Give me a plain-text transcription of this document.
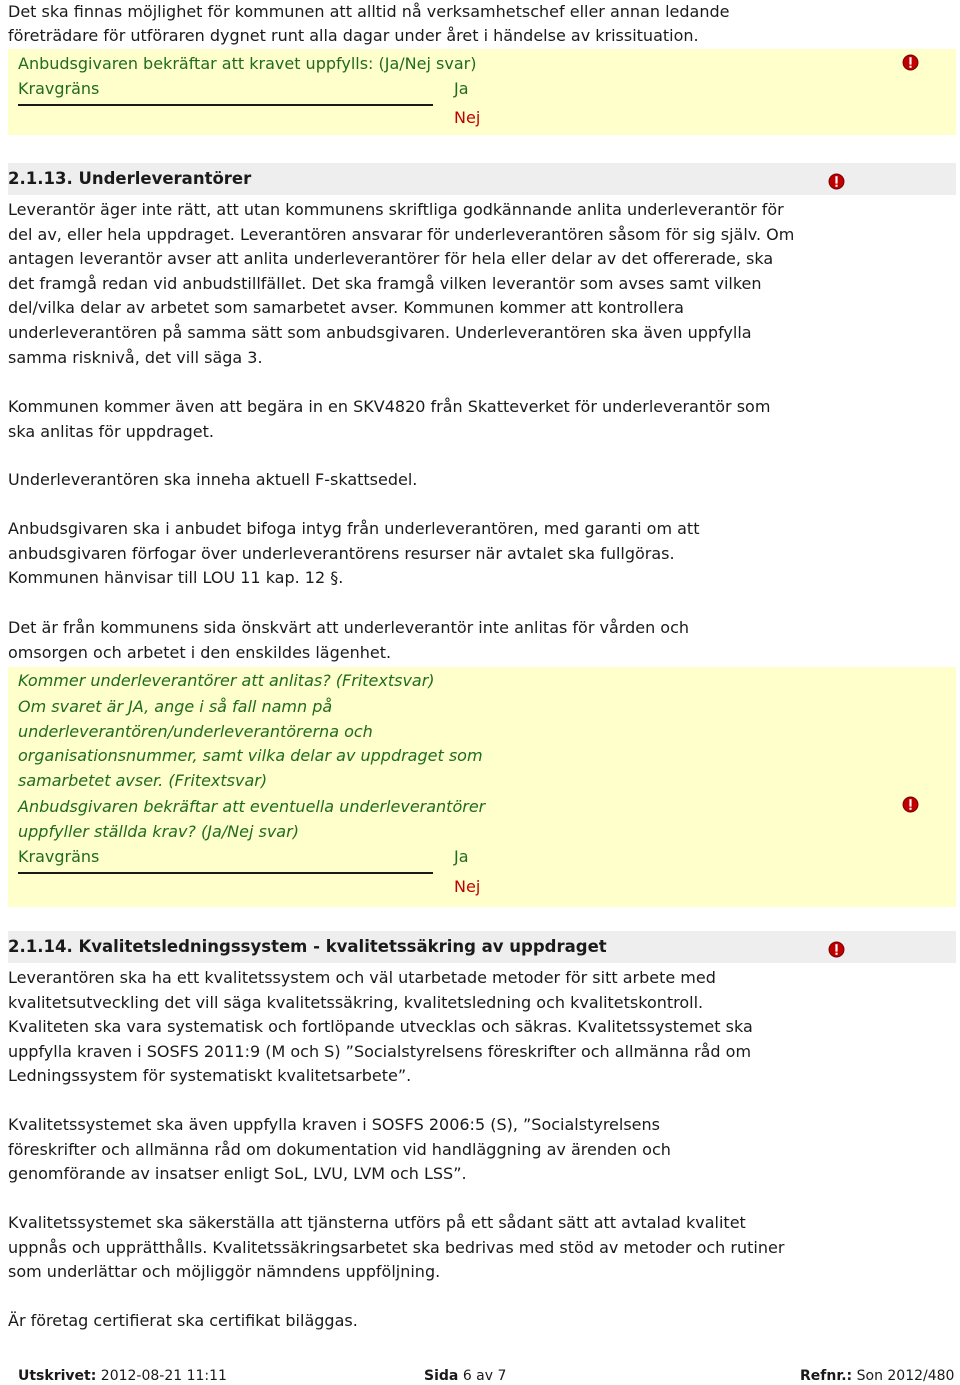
Det ska finnas möjlighet för kommunen att alltid nå verksamhetschef eller annan ledande

företrädare för utföraren dygnet runt alla dagar under året i händelse av krissituation.

Anbudsgivaren bekräftar att kravet uppfylls: (Ja/Nej svar)
Kravgräns	Ja
Nej
2.1.13. Underleverantörer

Leverantör äger inte rätt, att utan kommunens skriftliga godkännande anlita underleverantör för del av, eller hela uppdraget. Leverantören ansvarar för underleverantören såsom för sig själv. Om antagen leverantör avser att anlita underleverantörer för hela eller delar av det offererade, ska det framgå redan vid anbudstillfället. Det ska framgå vilken leverantör som avses samt vilken del/vilka delar av arbetet som samarbetet avser. Kommunen kommer att kontrollera underleverantören på samma sätt som anbudsgivaren. Underleverantören ska även uppfylla samma risknivå, det vill säga 3.

Kommunen kommer även att begära in en SKV4820 från Skatteverket för underleverantör som ska anlitas för uppdraget.

Underleverantören ska inneha aktuell F-skattsedel.

Anbudsgivaren ska i anbudet bifoga intyg från underleverantören, med garanti om att anbudsgivaren förfogar över underleverantörens resurser när avtalet ska fullgöras. Kommunen hänvisar till LOU 11 kap. 12 §.

Det är från kommunens sida önskvärt att underleverantör inte anlitas för vården och omsorgen och arbetet i den enskildes lägenhet.

Kommer underleverantörer att anlitas? (Fritextsvar)
Om svaret är JA, ange i så fall namn på underleverantören/underleverantörerna och organisationsnummer, samt vilka delar av uppdraget som samarbetet avser. (Fritextsvar)
Anbudsgivaren bekräftar att eventuella underleverantörer uppfyller ställda krav? (Ja/Nej svar)
Kravgräns	Ja
Nej
2.1.14. Kvalitetsledningssystem - kvalitetssäkring av uppdraget

Leverantören ska ha ett kvalitetssystem och väl utarbetade metoder för sitt arbete med kvalitetsutveckling det vill säga kvalitetssäkring, kvalitetsledning och kvalitetskontroll. Kvaliteten ska vara systematisk och fortlöpande utvecklas och säkras. Kvalitetssystemet ska uppfylla kraven i SOSFS 2011:9 (M och S) ”Socialstyrelsens föreskrifter och allmänna råd om Ledningssystem för systematiskt kvalitetsarbete”.

Kvalitetssystemet ska även uppfylla kraven i SOSFS 2006:5 (S), ”Socialstyrelsens föreskrifter och allmänna råd om dokumentation vid handläggning av ärenden och genomförande av insatser enligt SoL, LVU, LVM och LSS”.

Kvalitetssystemet ska säkerställa att tjänsterna utförs på ett sådant sätt att avtalad kvalitet uppnås och upprätthålls. Kvalitetssäkringsarbetet ska bedrivas med stöd av metoder och rutiner som underlättar och möjliggör nämndens uppföljning.

Är företag certifierat ska certifikat biläggas.

Utskrivet: 2012-08-21 11:11	Sida 6 av 7	Refnr.: Son 2012/480
